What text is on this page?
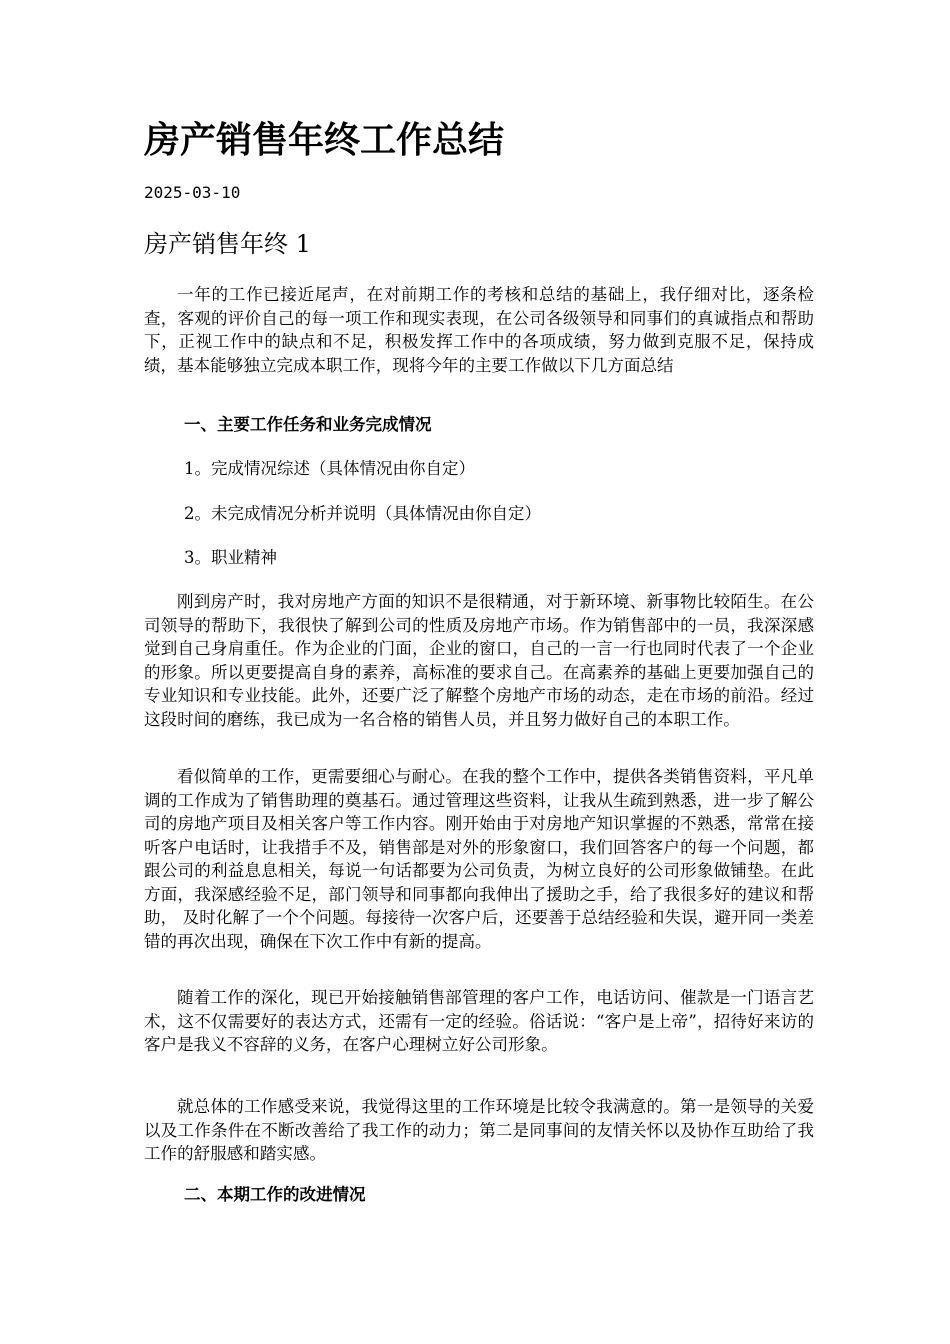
房产销售年终工作总结
2025-03-10
房产销售年终 1

一年的工作已接近尾声，在对前期工作的考核和总结的基础上，我仔细对比，逐条检查，客观的评价自己的每一项工作和现实表现，在公司各级领导和同事们的真诚指点和帮助下，正视工作中的缺点和不足，积极发挥工作中的各项成绩，努力做到克服不足，保持成绩，基本能够独立完成本职工作，现将今年的主要工作做以下几方面总结

一、主要工作任务和业务完成情况

1。完成情况综述（具体情况由你自定）

2。未完成情况分析并说明（具体情况由你自定）

3。职业精神

刚到房产时，我对房地产方面的知识不是很精通，对于新环境、新事物比较陌生。在公司领导的帮助下，我很快了解到公司的性质及房地产市场。作为销售部中的一员，我深深感觉到自己身肩重任。作为企业的门面，企业的窗口，自己的一言一行也同时代表了一个企业的形象。所以更要提高自身的素养，高标准的要求自己。在高素养的基础上更要加强自己的专业知识和专业技能。此外，还要广泛了解整个房地产市场的动态，走在市场的前沿。经过这段时间的磨练，我已成为一名合格的销售人员，并且努力做好自己的本职工作。

看似简单的工作，更需要细心与耐心。在我的整个工作中，提供各类销售资料，平凡单调的工作成为了销售助理的奠基石。通过管理这些资料，让我从生疏到熟悉，进一步了解公司的房地产项目及相关客户等工作内容。刚开始由于对房地产知识掌握的不熟悉，常常在接听客户电话时，让我措手不及，销售部是对外的形象窗口，我们回答客户的每一个问题，都跟公司的利益息息相关，每说一句话都要为公司负责，为树立良好的公司形象做铺垫。在此方面，我深感经验不足，部门领导和同事都向我伸出了援助之手，给了我很多好的建议和帮助， 及时化解了一个个问题。每接待一次客户后，还要善于总结经验和失误，避开同一类差错的再次出现，确保在下次工作中有新的提高。

随着工作的深化，现已开始接触销售部管理的客户工作，电话访问、催款是一门语言艺术，这不仅需要好的表达方式，还需有一定的经验。俗话说：“客户是上帝”，招待好来访的客户是我义不容辞的义务，在客户心理树立好公司形象。

就总体的工作感受来说，我觉得这里的工作环境是比较令我满意的。第一是领导的关爱以及工作条件在不断改善给了我工作的动力；第二是同事间的友情关怀以及协作互助给了我工作的舒服感和踏实感。

二、本期工作的改进情况
